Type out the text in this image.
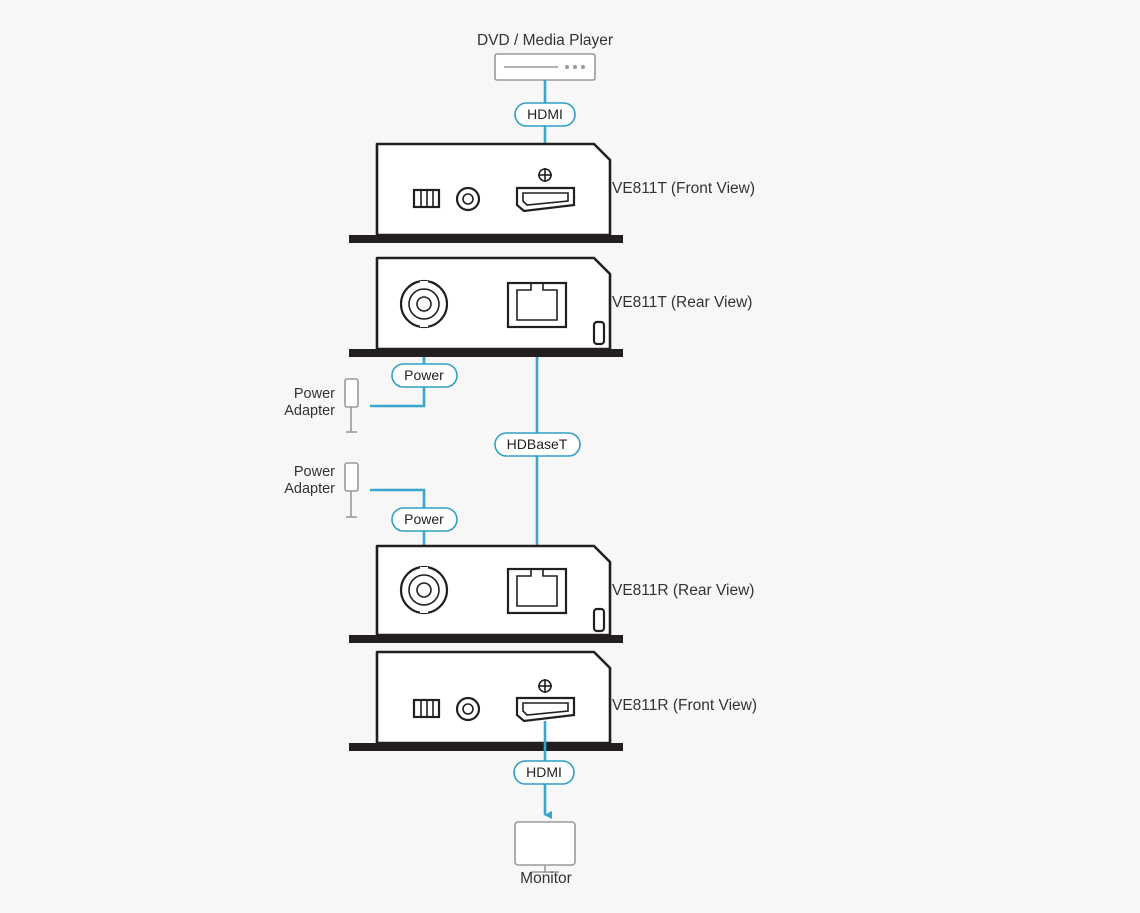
DVD / Media Player
HDMI
VE811T (Front View)
VE811T (Rear View)
Power
Power
Adapter
HDBaseT
Power
Adapter
Power
VE811R (Rear View)
VE811R (Front View)
HDMI
Monitor
